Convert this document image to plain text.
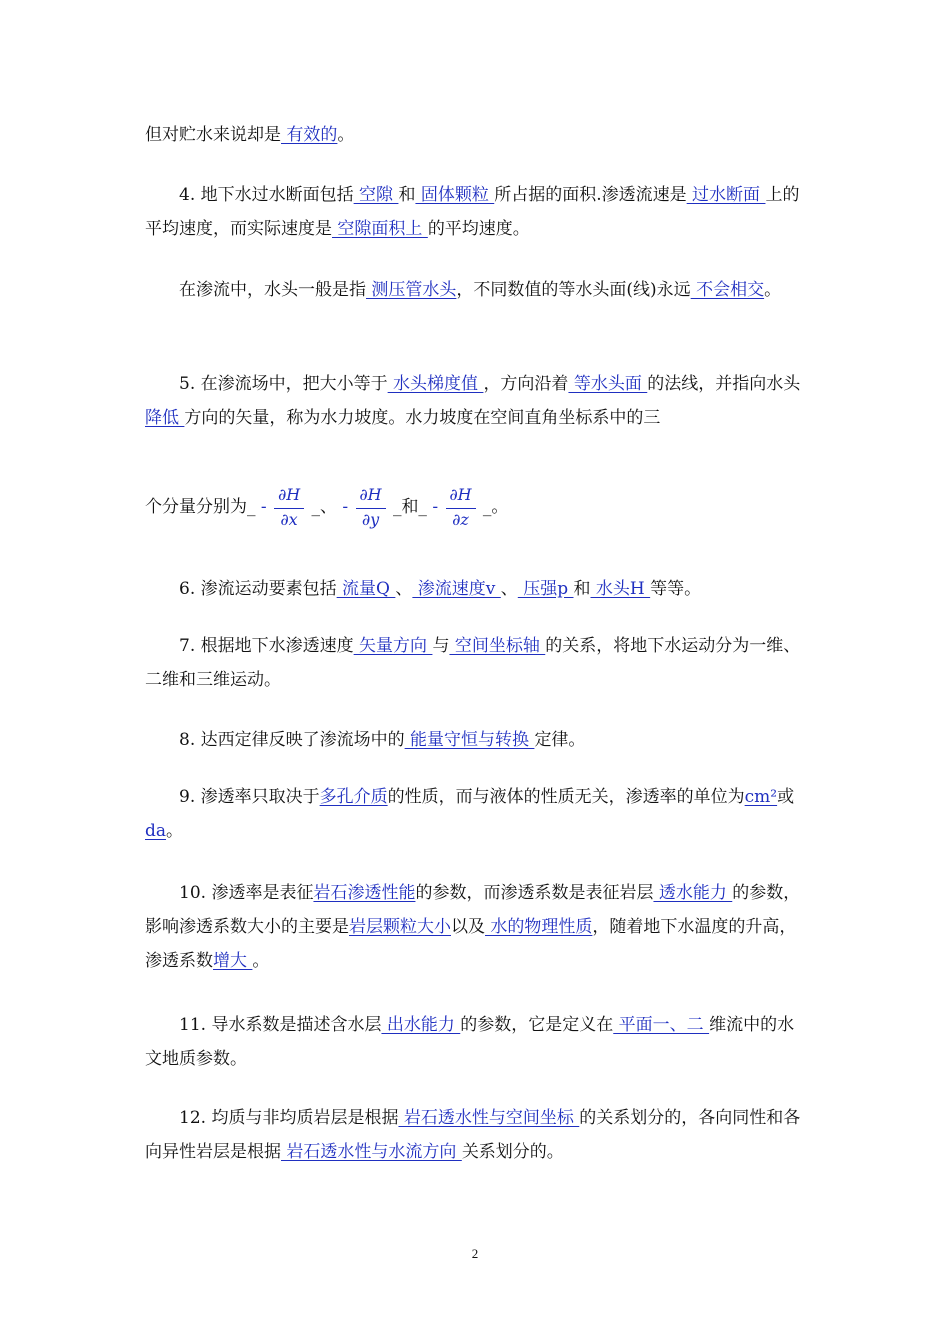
但对贮水来说却是 有效的。

4. 地下水过水断面包括 空隙 和 固体颗粒 所占据的面积.渗透流速是 过水断面 上的平均速度，而实际速度是 空隙面积上 的平均速度。

在渗流中，水头一般是指 测压管水头，不同数值的等水头面(线)永远 不会相交。

5. 在渗流场中，把大小等于 水头梯度值 ，方向沿着 等水头面 的法线，并指向水头 降低 方向的矢量，称为水力坡度。水力坡度在空间直角坐标系中的三

个分量分别为_ - $\frac{\partial H}{\partial x}$ _、 - $\frac{\partial H}{\partial y}$ _和_ - $\frac{\partial H}{\partial z}$ _。

6. 渗流运动要素包括 流量Q 、 渗流速度v 、 压强p 和 水头H 等等。

7. 根据地下水渗透速度 矢量方向 与 空间坐标轴 的关系，将地下水运动分为一维、二维和三维运动。

8. 达西定律反映了渗流场中的 能量守恒与转换 定律。

9. 渗透率只取决于多孔介质的性质，而与液体的性质无关，渗透率的单位为cm²或da。

10. 渗透率是表征岩石渗透性能的参数，而渗透系数是表征岩层 透水能力 的参数，影响渗透系数大小的主要是岩层颗粒大小以及 水的物理性质，随着地下水温度的升高，渗透系数增大 。

11. 导水系数是描述含水层 出水能力 的参数，它是定义在 平面一、二 维流中的水文地质参数。

12. 均质与非均质岩层是根据 岩石透水性与空间坐标 的关系划分的，各向同性和各向异性岩层是根据 岩石透水性与水流方向 关系划分的。

2
